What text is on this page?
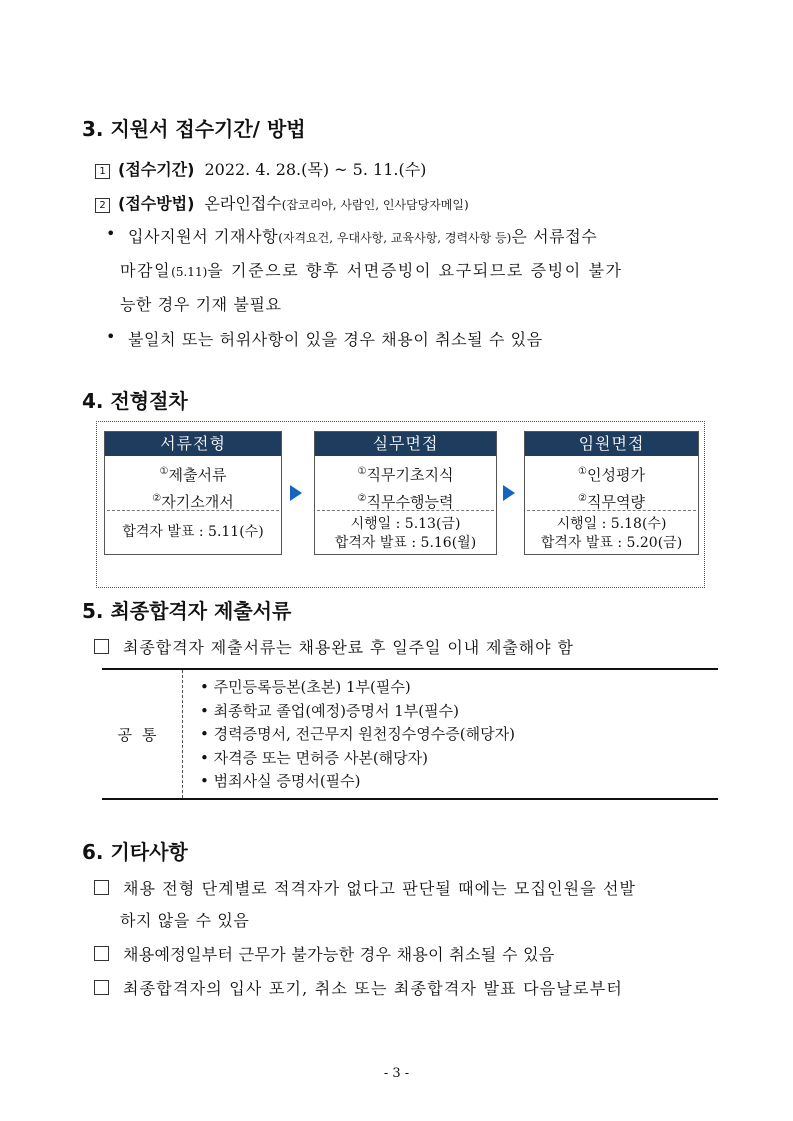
3. 지원서 접수기간/ 방법
1 (접수기간) 2022. 4. 28.(목) ~ 5. 11.(수)
2 (접수방법) 온라인접수(잡코리아, 사람인, 인사담당자메일)
• 입사지원서 기재사항(자격요건, 우대사항, 교육사항, 경력사항 등)은 서류접수
마감일(5.11)을 기준으로 향후 서면증빙이 요구되므로 증빙이 불가
능한 경우 기재 불필요
• 불일치 또는 허위사항이 있을 경우 채용이 취소될 수 있음
4. 전형절차
서류전형
①제출서류
②자기소개서
합격자 발표 : 5.11(수)
실무면접
①직무기초지식
②직무수행능력
시행일 : 5.13(금)
합격자 발표 : 5.16(월)
임원면접
①인성평가
②직무역량
시행일 : 5.18(수)
합격자 발표 : 5.20(금)
5. 최종합격자 제출서류
최종합격자 제출서류는 채용완료 후 일주일 이내 제출해야 함
공통
• 주민등록등본(초본) 1부(필수)
• 최종학교 졸업(예정)증명서 1부(필수)
• 경력증명서, 전근무지 원천징수영수증(해당자)
• 자격증 또는 면허증 사본(해당자)
• 범죄사실 증명서(필수)
6. 기타사항
채용 전형 단계별로 적격자가 없다고 판단될 때에는 모집인원을 선발
하지 않을 수 있음
채용예정일부터 근무가 불가능한 경우 채용이 취소될 수 있음
최종합격자의 입사 포기, 취소 또는 최종합격자 발표 다음날로부터
- 3 -
